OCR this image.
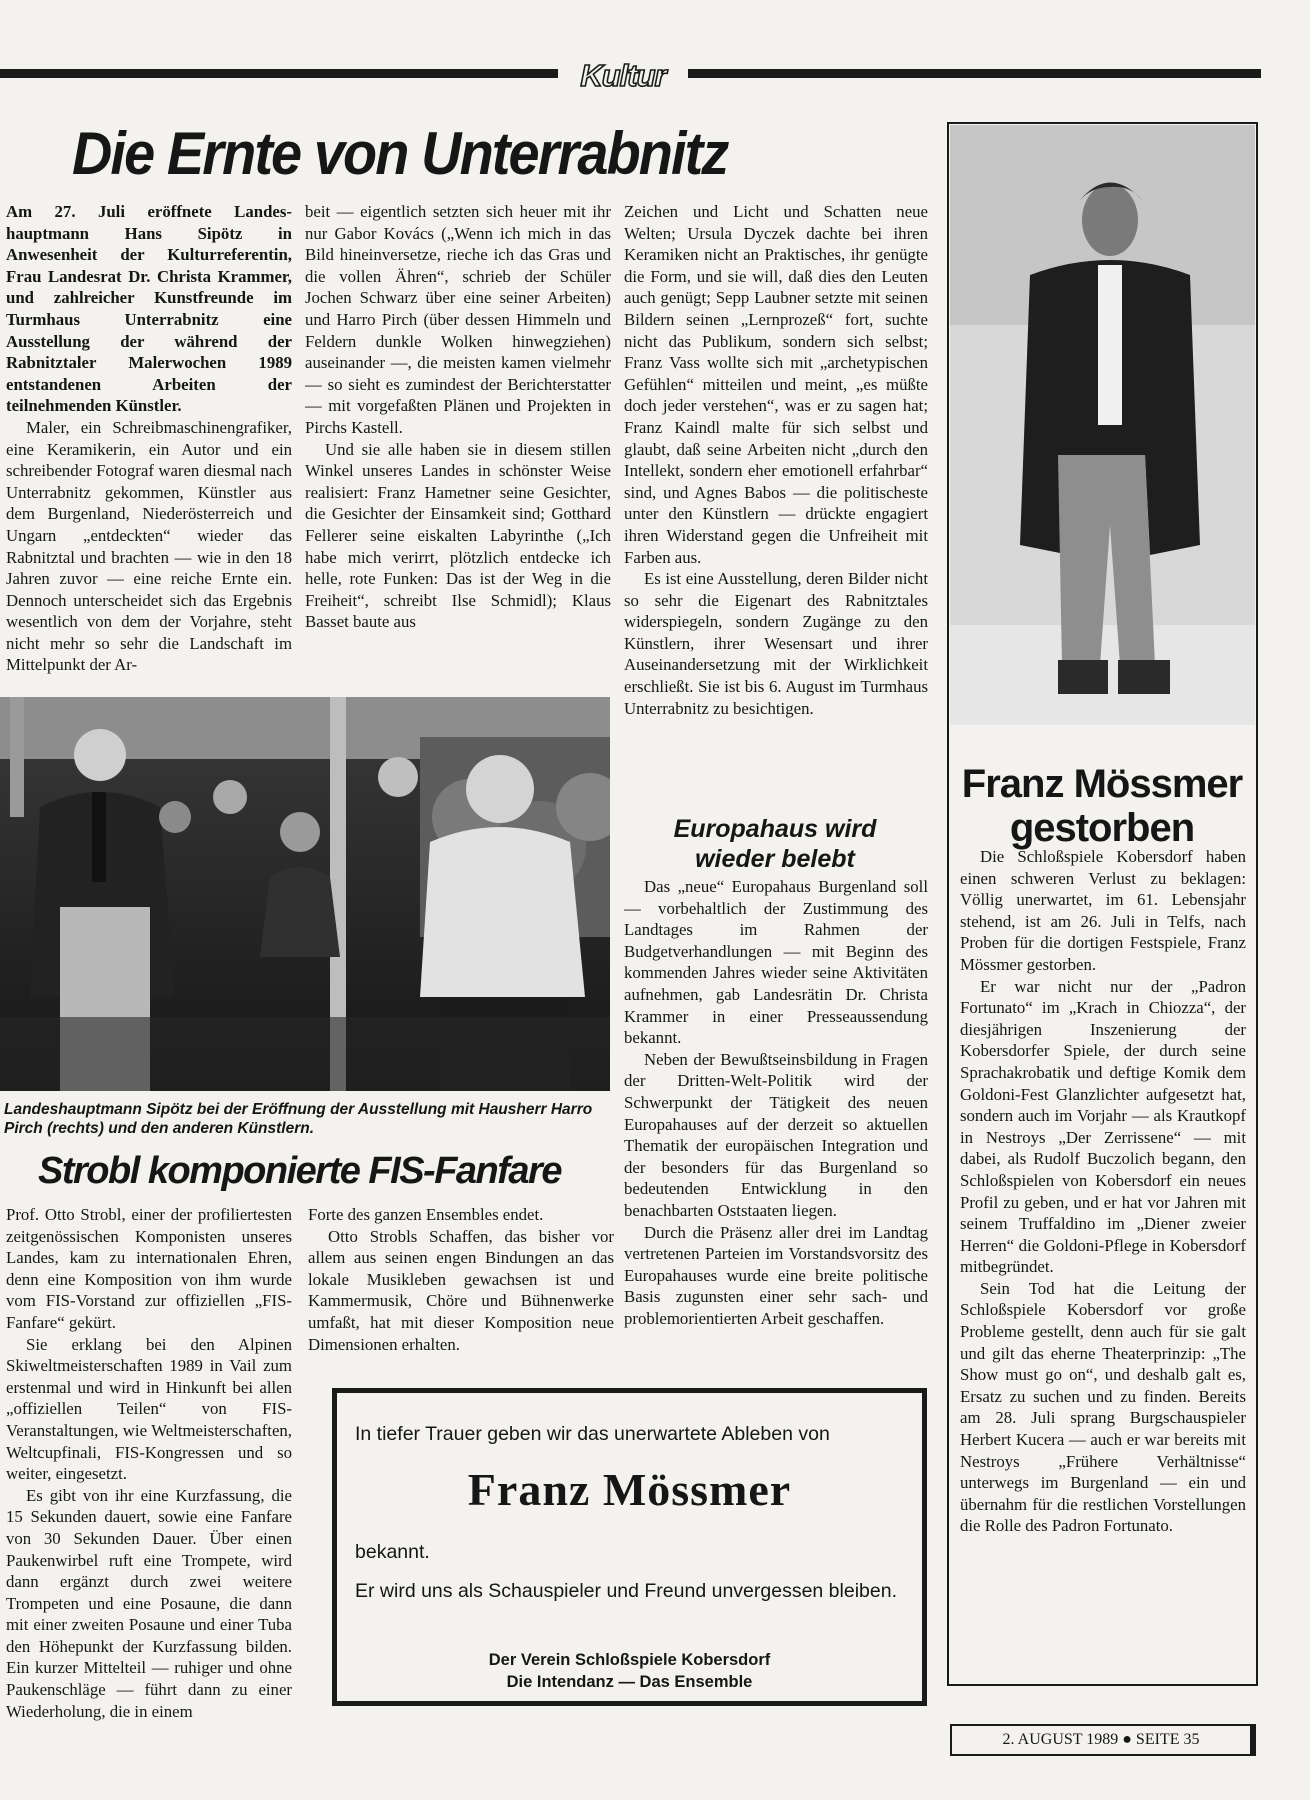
Kultur
Die Ernte von Unterrabnitz
Am 27. Juli eröffnete Landes-hauptmann Hans Sipötz in Anwesenheit der Kulturreferentin, Frau Landesrat Dr. Christa Krammer, und zahlreicher Kunstfreunde im Turmhaus Unterrabnitz eine Ausstellung der während der Rabnitztaler Malerwochen 1989 entstandenen Arbeiten der teilnehmenden Künstler.
Maler, ein Schreibmaschinengrafiker, eine Keramikerin, ein Autor und ein schreibender Fotograf waren diesmal nach Unterrabnitz gekommen, Künstler aus dem Burgenland, Niederösterreich und Ungarn „entdeckten“ wieder das Rabnitztal und brachten — wie in den 18 Jahren zuvor — eine reiche Ernte ein. Dennoch unterscheidet sich das Ergebnis wesentlich von dem der Vorjahre, steht nicht mehr so sehr die Landschaft im Mittelpunkt der Ar-
beit — eigentlich setzten sich heuer mit ihr nur Gabor Kovács („Wenn ich mich in das Bild hineinversetze, rieche ich das Gras und die vollen Ähren“, schrieb der Schüler Jochen Schwarz über eine seiner Arbeiten) und Harro Pirch (über dessen Himmeln und Feldern dunkle Wolken hinwegziehen) auseinander —, die meisten kamen vielmehr — so sieht es zumindest der Berichterstatter — mit vorgefaßten Plänen und Projekten in Pirchs Kastell.
Und sie alle haben sie in diesem stillen Winkel unseres Landes in schönster Weise realisiert: Franz Hametner seine Gesichter, die Gesichter der Einsamkeit sind; Gotthard Fellerer seine eiskalten Labyrinthe („Ich habe mich verirrt, plötzlich entdecke ich helle, rote Funken: Das ist der Weg in die Freiheit“, schreibt Ilse Schmidl); Klaus Basset baute aus
Zeichen und Licht und Schatten neue Welten; Ursula Dyczek dachte bei ihren Keramiken nicht an Praktisches, ihr genügte die Form, und sie will, daß dies den Leuten auch genügt; Sepp Laubner setzte mit seinen Bildern seinen „Lernprozeß“ fort, suchte nicht das Publikum, sondern sich selbst; Franz Vass wollte sich mit „archetypischen Gefühlen“ mitteilen und meint, „es müßte doch jeder verstehen“, was er zu sagen hat; Franz Kaindl malte für sich selbst und glaubt, daß seine Arbeiten nicht „durch den Intellekt, sondern eher emotionell erfahrbar“ sind, und Agnes Babos — die politischeste unter den Künstlern — drückte engagiert ihren Widerstand gegen die Unfreiheit mit Farben aus.
Es ist eine Ausstellung, deren Bilder nicht so sehr die Eigenart des Rabnitztales widerspiegeln, sondern Zugänge zu den Künstlern, ihrer Wesensart und ihrer Auseinandersetzung mit der Wirklichkeit erschließt. Sie ist bis 6. August im Turmhaus Unterrabnitz zu besichtigen.
Landeshauptmann Sipötz bei der Eröffnung der Ausstellung mit Hausherr Harro Pirch (rechts) und den anderen Künstlern.
Strobl komponierte FIS-Fanfare
Prof. Otto Strobl, einer der profiliertesten zeitgenössischen Komponisten unseres Landes, kam zu internationalen Ehren, denn eine Komposition von ihm wurde vom FIS-Vorstand zur offiziellen „FIS-Fanfare“ gekürt.
Sie erklang bei den Alpinen Skiweltmeisterschaften 1989 in Vail zum erstenmal und wird in Hinkunft bei allen „offiziellen Teilen“ von FIS-Veranstaltungen, wie Weltmeisterschaften, Weltcupfinali, FIS-Kongressen und so weiter, eingesetzt.
Es gibt von ihr eine Kurzfassung, die 15 Sekunden dauert, sowie eine Fanfare von 30 Sekunden Dauer. Über einen Paukenwirbel ruft eine Trompete, wird dann ergänzt durch zwei weitere Trompeten und eine Posaune, die dann mit einer zweiten Posaune und einer Tuba den Höhepunkt der Kurzfassung bilden. Ein kurzer Mittelteil — ruhiger und ohne Paukenschläge — führt dann zu einer Wiederholung, die in einem
Forte des ganzen Ensembles endet.
Otto Strobls Schaffen, das bisher vor allem aus seinen engen Bindungen an das lokale Musikleben gewachsen ist und Kammermusik, Chöre und Bühnenwerke umfaßt, hat mit dieser Komposition neue Dimensionen erhalten.
Europahaus wird wieder belebt
Das „neue“ Europahaus Burgenland soll — vorbehaltlich der Zustimmung des Landtages im Rahmen der Budgetverhandlungen — mit Beginn des kommenden Jahres wieder seine Aktivitäten aufnehmen, gab Landesrätin Dr. Christa Krammer in einer Presseaussendung bekannt.
Neben der Bewußtseinsbildung in Fragen der Dritten-Welt-Politik wird der Schwerpunkt der Tätigkeit des neuen Europahauses auf der derzeit so aktuellen Thematik der europäischen Integration und der besonders für das Burgenland so bedeutenden Entwicklung in den benachbarten Oststaaten liegen.
Durch die Präsenz aller drei im Landtag vertretenen Parteien im Vorstandsvorsitz des Europahauses wurde eine breite politische Basis zugunsten einer sehr sach- und problemorientierten Arbeit geschaffen.
Franz Mössmer gestorben
Die Schloßspiele Kobersdorf haben einen schweren Verlust zu beklagen: Völlig unerwartet, im 61. Lebensjahr stehend, ist am 26. Juli in Telfs, nach Proben für die dortigen Festspiele, Franz Mössmer gestorben.
Er war nicht nur der „Padron Fortunato“ im „Krach in Chiozza“, der diesjährigen Inszenierung der Kobersdorfer Spiele, der durch seine Sprachakrobatik und deftige Komik dem Goldoni-Fest Glanzlichter aufgesetzt hat, sondern auch im Vorjahr — als Krautkopf in Nestroys „Der Zerrissene“ — mit dabei, als Rudolf Buczolich begann, den Schloßspielen von Kobersdorf ein neues Profil zu geben, und er hat vor Jahren mit seinem Truffaldino im „Diener zweier Herren“ die Goldoni-Pflege in Kobersdorf mitbegründet.
Sein Tod hat die Leitung der Schloßspiele Kobersdorf vor große Probleme gestellt, denn auch für sie galt und gilt das eherne Theaterprinzip: „The Show must go on“, und deshalb galt es, Ersatz zu suchen und zu finden. Bereits am 28. Juli sprang Burgschauspieler Herbert Kucera — auch er war bereits mit Nestroys „Frühere Verhältnisse“ unterwegs im Burgenland — ein und übernahm für die restlichen Vorstellungen die Rolle des Padron Fortunato.
In tiefer Trauer geben wir das unerwartete Ableben von
Franz Mössmer
bekannt.
Er wird uns als Schauspieler und Freund unvergessen bleiben.
Der Verein Schloßspiele Kobersdorf
Die Intendanz — Das Ensemble
2. AUGUST 1989 ● SEITE 35
